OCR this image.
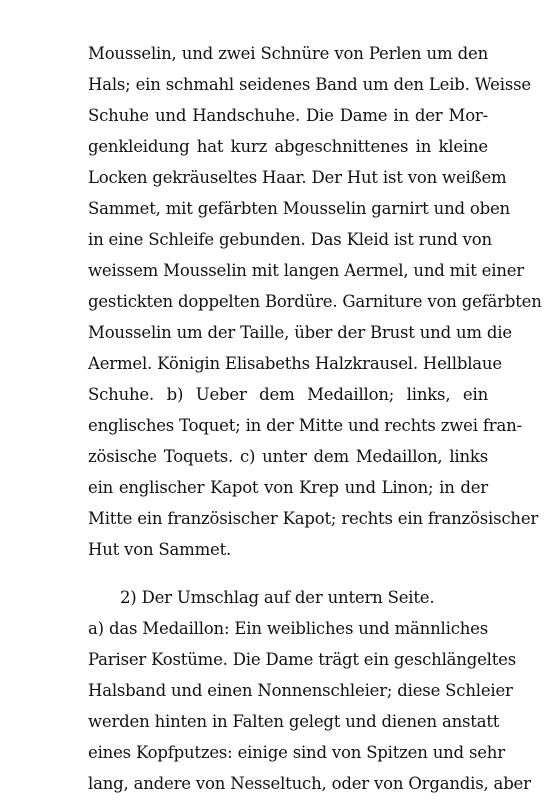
Mousselin, und zwei Schnüre von Perlen um den
Hals; ein schmahl seidenes Band um den Leib. Weisse
Schuhe und Handschuhe. Die Dame in der Mor-
genkleidung hat kurz abgeschnittenes in kleine
Locken gekräuseltes Haar. Der Hut ist von weißem
Sammet, mit gefärbten Mousselin garnirt und oben
in eine Schleife gebunden. Das Kleid ist rund von
weissem Mousselin mit langen Aermel, und mit einer
gestickten doppelten Bordüre. Garniture von gefärbten
Mousselin um der Taille, über der Brust und um die
Aermel. Königin Elisabeths Halzkrausel. Hellblaue
Schuhe. b) Ueber dem Medaillon; links, ein
englisches Toquet; in der Mitte und rechts zwei fran-
zösische Toquets. c) unter dem Medaillon, links
ein englischer Kapot von Krep und Linon; in der
Mitte ein französischer Kapot; rechts ein französischer
Hut von Sammet.
2) Der Umschlag auf der untern Seite.
a) das Medaillon: Ein weibliches und männliches
Pariser Kostüme. Die Dame trägt ein geschlängeltes
Halsband und einen Nonnenschleier; diese Schleier
werden hinten in Falten gelegt und dienen anstatt
eines Kopfputzes: einige sind von Spitzen und sehr
lang, andere von Nesseltuch, oder von Organdis, aber
